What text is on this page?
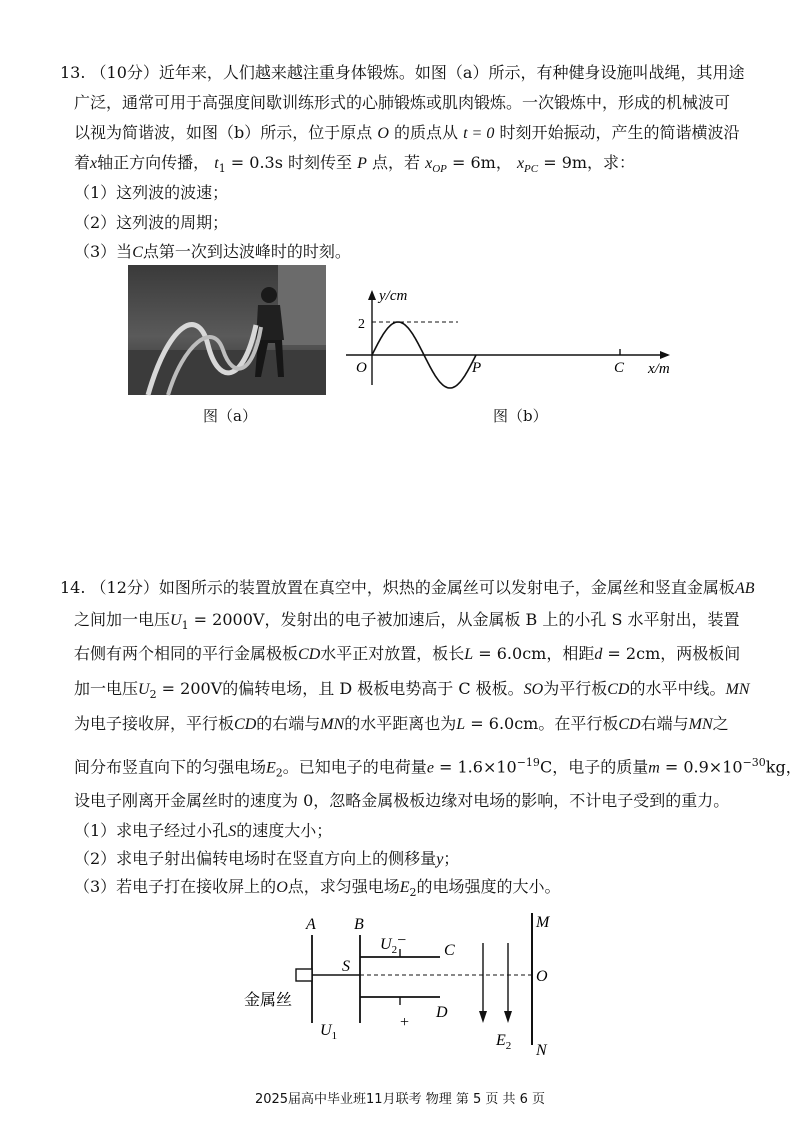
13. （10分）近年来，人们越来越注重身体锻炼。如图（a）所示，有种健身设施叫战绳，其用途
广泛，通常可用于高强度间歇训练形式的心肺锻炼或肌肉锻炼。一次锻炼中，形成的机械波可
以视为简谐波，如图（b）所示，位于原点 O 的质点从 t = 0 时刻开始振动，产生的简谐横波沿
着x轴正方向传播， $t_1 = 0.3s$ 时刻传至 P 点，若 $x_{OP} = 6m$， $x_{PC} = 9m$，求：
（1）这列波的波速；
（2）这列波的周期；
（3）当C点第一次到达波峰时的时刻。
图（a）
y/cm
2
O	P	C x/m
图（b）
14. （12分）如图所示的装置放置在真空中，炽热的金属丝可以发射电子，金属丝和竖直金属板AB
之间加一电压$U_1 = 2000V$，发射出的电子被加速后，从金属板 B 上的小孔 S 水平射出，装置
右侧有两个相同的平行金属极板CD水平正对放置，板长L = 6.0cm，相距d = 2cm，两极板间
加一电压$U_2 = 200V$的偏转电场，且 D 极板电势高于 C 极板。SO为平行板CD的水平中线。MN
为电子接收屏，平行板CD的右端与MN的水平距离也为L = 6.0cm。在平行板CD右端与MN之
间分布竖直向下的匀强电场$E_2$。已知电子的电荷量$e = 1.6\times 10^{-19}C$，电子的质量$m = 0.9\times 10^{-30}kg$，
设电子刚离开金属丝时的速度为 0，忽略金属极板边缘对电场的影响，不计电子受到的重力。
（1）求电子经过小孔S的速度大小；
（2）求电子射出偏转电场时在竖直方向上的侧移量y；
（3）若电子打在接收屏上的O点，求匀强电场$E_2$的电场强度的大小。
A B
S
$U_2-$
C
D
+
M
O
N
$U_1$	$E_2$
金属丝
2025届高中毕业班11月联考 物理 第 5 页 共 6 页
